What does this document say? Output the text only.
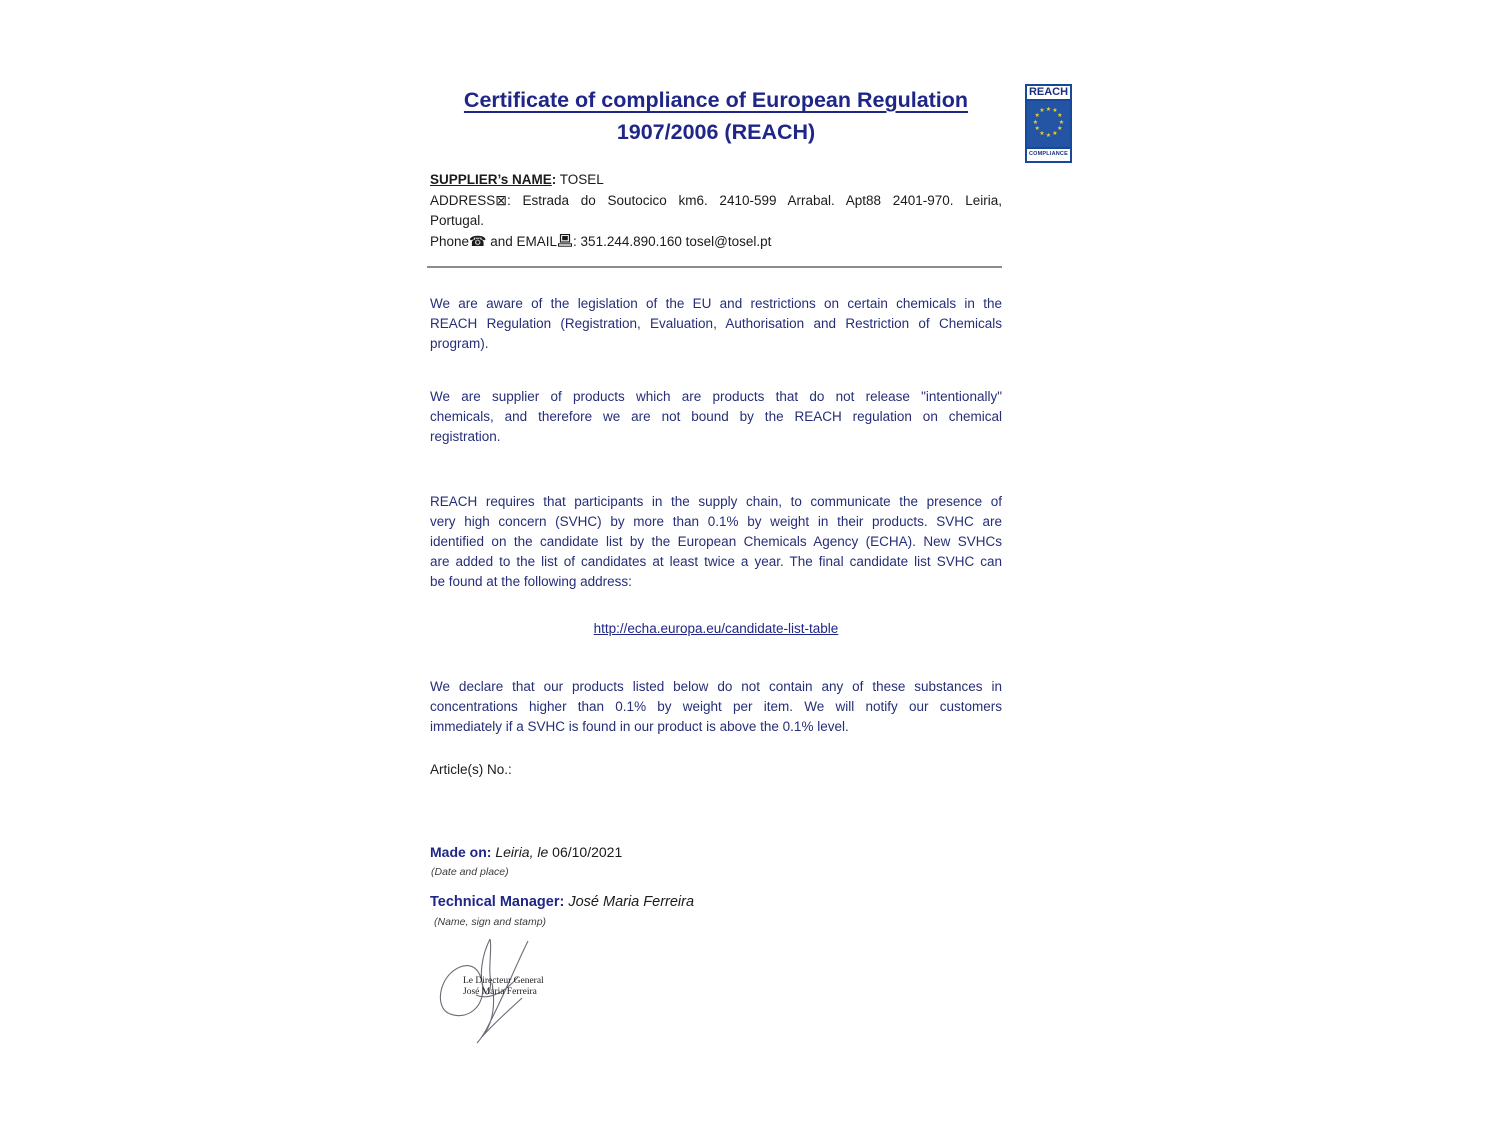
REACH
★ ★
★
★
★
★
★
★
★
★
★
★
COMPLIANCE
Certificate of compliance of European Regulation
1907/2006 (REACH)
SUPPLIER’s NAME: TOSEL
ADDRESS⊠: Estrada do Soutocico km6. 2410-599 Arrabal. Apt88 2401-970. Leiria,
Portugal.
Phone☎ and EMAIL : 351.244.890.160 tosel@tosel.pt
We are aware of the legislation of the EU and restrictions on certain chemicals in the
REACH Regulation (Registration, Evaluation, Authorisation and Restriction of Chemicals
program).
We are supplier of products which are products that do not release "intentionally"
chemicals, and therefore we are not bound by the REACH regulation on chemical
registration.
REACH requires that participants in the supply chain, to communicate the presence of
very high concern (SVHC) by more than 0.1% by weight in their products. SVHC are
identified on the candidate list by the European Chemicals Agency (ECHA). New SVHCs
are added to the list of candidates at least twice a year. The final candidate list SVHC can
be found at the following address:
http://echa.europa.eu/candidate-list-table
We declare that our products listed below do not contain any of these substances in
concentrations higher than 0.1% by weight per item. We will notify our customers
immediately if a SVHC is found in our product is above the 0.1% level.
Article(s) No.:
Made on: Leiria, le 06/10/2021
(Date and place)
Technical Manager: José Maria Ferreira
(Name, sign and stamp)
Le Directeur General
José Maria Ferreira
